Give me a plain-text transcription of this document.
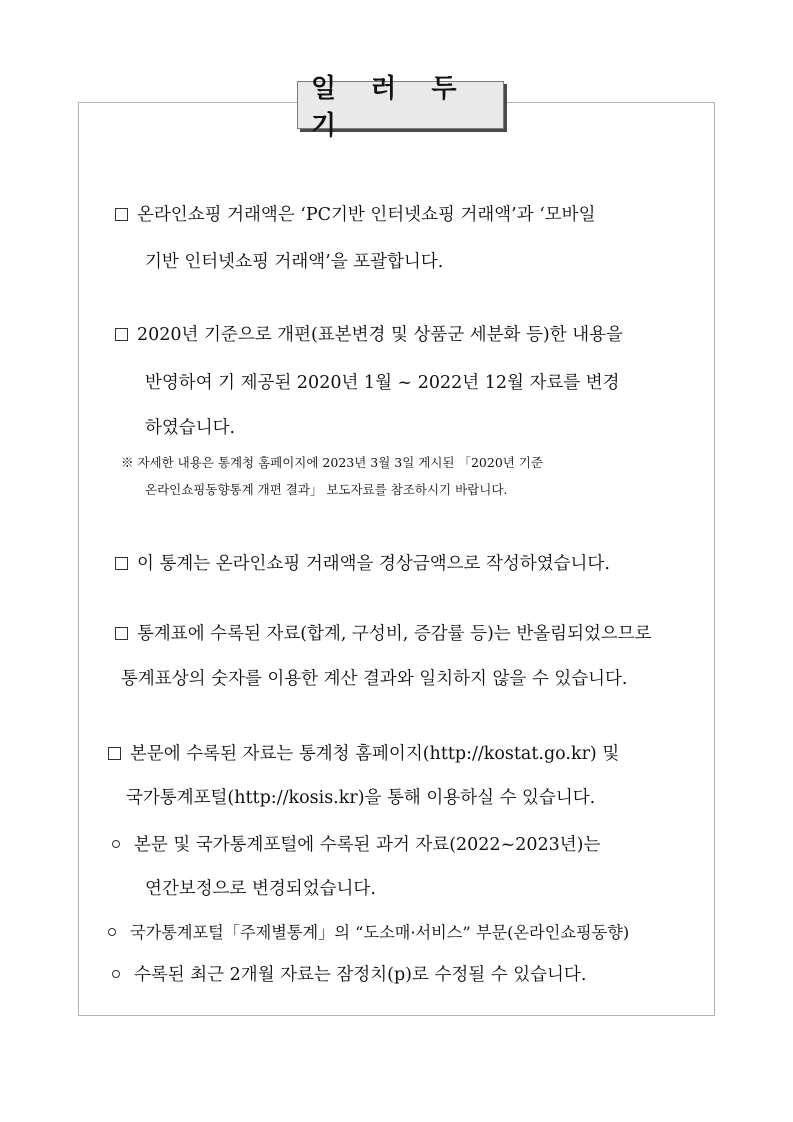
일 러 두 기

온라인쇼핑 거래액은 ‘PC기반 인터넷쇼핑 거래액’과 ‘모바일

기반 인터넷쇼핑 거래액’을 포괄합니다.

2020년 기준으로 개편(표본변경 및 상품군 세분화 등)한 내용을

반영하여 기 제공된 2020년 1월 ~ 2022년 12월 자료를 변경

하였습니다.

※ 자세한 내용은 통계청 홈페이지에 2023년 3월 3일 게시된 「2020년 기준

온라인쇼핑동향통계 개편 결과」 보도자료를 참조하시기 바랍니다.

이 통계는 온라인쇼핑 거래액을 경상금액으로 작성하였습니다.

통계표에 수록된 자료(합계, 구성비, 증감률 등)는 반올림되었으므로

통계표상의 숫자를 이용한 계산 결과와 일치하지 않을 수 있습니다.

본문에 수록된 자료는 통계청 홈페이지(http://kostat.go.kr) 및

국가통계포털(http://kosis.kr)을 통해 이용하실 수 있습니다.

본문 및 국가통계포털에 수록된 과거 자료(2022~2023년)는

연간보정으로 변경되었습니다.

국가통계포털「주제별통계」의 “도소매·서비스” 부문(온라인쇼핑동향)

수록된 최근 2개월 자료는 잠정치(p)로 수정될 수 있습니다.
